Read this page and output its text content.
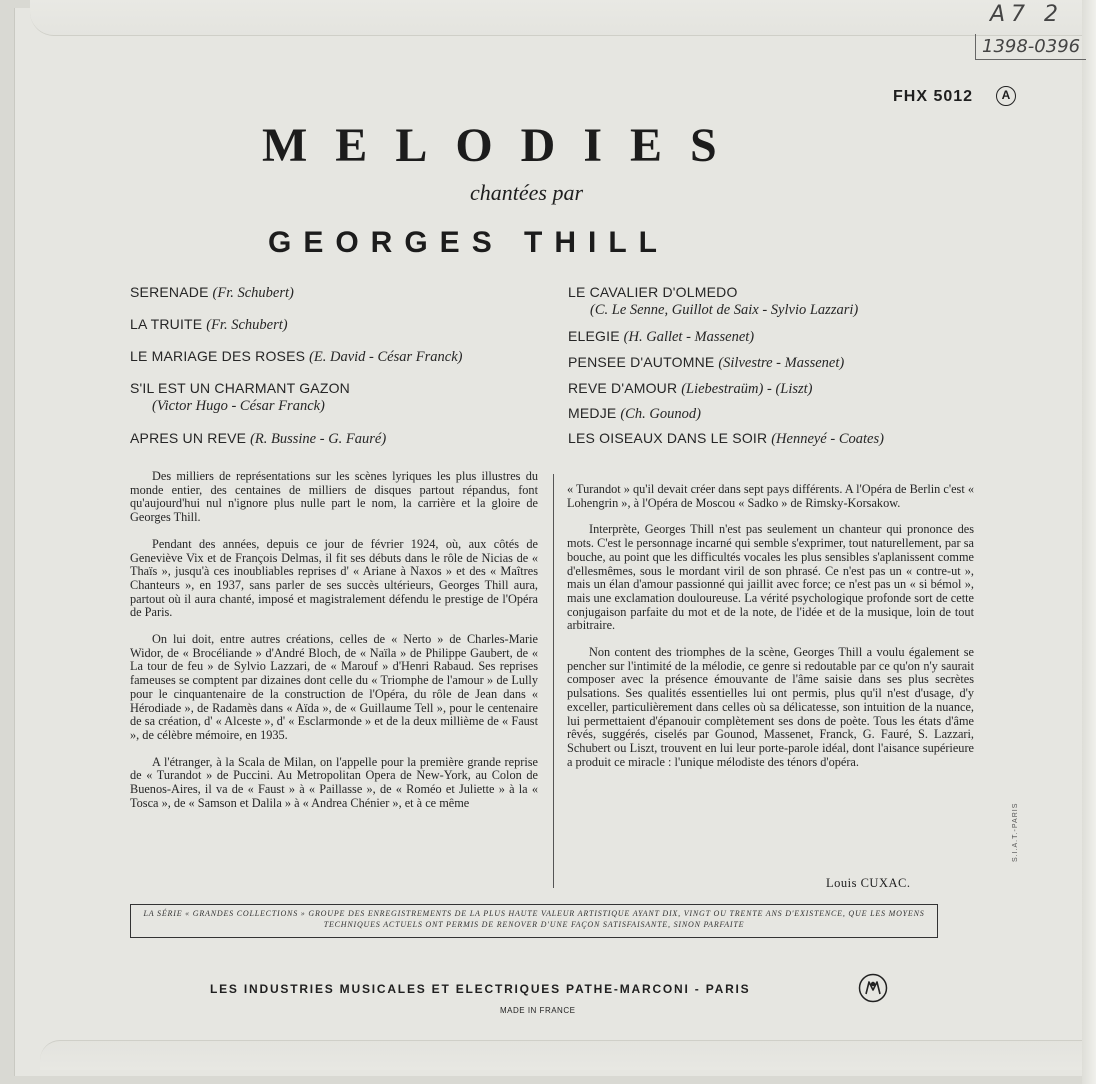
A7 2
1398-0396
FHX 5012	A
MELODIES
chantées par
GEORGES THILL
SERENADE (Fr. Schubert)
LA TRUITE (Fr. Schubert)
LE MARIAGE DES ROSES (E. David - César Franck)
S'IL EST UN CHARMANT GAZON
(Victor Hugo - César Franck)
APRES UN REVE (R. Bussine - G. Fauré)
LE CAVALIER D'OLMEDO
(C. Le Senne, Guillot de Saix - Sylvio Lazzari)
ELEGIE (H. Gallet - Massenet)
PENSEE D'AUTOMNE (Silvestre - Massenet)
REVE D'AMOUR (Liebestraüm) - (Liszt)
MEDJE (Ch. Gounod)
LES OISEAUX DANS LE SOIR (Henneyé - Coates)

Des milliers de représentations sur les scènes lyriques les plus illustres du monde entier, des centaines de milliers de disques partout répandus, font qu'aujourd'hui nul n'ignore plus nulle part le nom, la carrière et la gloire de Georges Thill.

Pendant des années, depuis ce jour de février 1924, où, aux côtés de Geneviève Vix et de François Delmas, il fit ses débuts dans le rôle de Nicias de « Thaïs », jusqu'à ces inoubliables reprises d' « Ariane à Naxos » et des « Maîtres Chanteurs », en 1937, sans parler de ses succès ultérieurs, Georges Thill aura, partout où il aura chanté, imposé et magistralement défendu le prestige de l'Opéra de Paris.

On lui doit, entre autres créations, celles de « Nerto » de Charles-Marie Widor, de « Brocéliande » d'André Bloch, de « Naïla » de Philippe Gaubert, de « La tour de feu » de Sylvio Lazzari, de « Marouf » d'Henri Rabaud. Ses reprises fameuses se comptent par dizaines dont celle du « Triomphe de l'amour » de Lully pour le cinquantenaire de la construction de l'Opéra, du rôle de Jean dans « Hérodiade », de Radamès dans « Aïda », de « Guillaume Tell », pour le centenaire de sa création, d' « Alceste », d' « Esclarmonde » et de la deux millième de « Faust », de célèbre mémoire, en 1935.

A l'étranger, à la Scala de Milan, on l'appelle pour la première grande reprise de « Turandot » de Puccini. Au Metropolitan Opera de New-York, au Colon de Buenos-Aires, il va de « Faust » à « Paillasse », de « Roméo et Juliette » à la « Tosca », de « Samson et Dalila » à « Andrea Chénier », et à ce même

« Turandot » qu'il devait créer dans sept pays différents. A l'Opéra de Berlin c'est « Lohengrin », à l'Opéra de Moscou « Sadko » de Rimsky-Korsakow.

Interprète, Georges Thill n'est pas seulement un chanteur qui prononce des mots. C'est le personnage incarné qui semble s'exprimer, tout naturellement, par sa bouche, au point que les difficultés vocales les plus sensibles s'aplanissent comme d'ellesmêmes, sous le mordant viril de son phrasé. Ce n'est pas un « contre-ut », mais un élan d'amour passionné qui jaillit avec force; ce n'est pas un « si bémol », mais une exclamation douloureuse. La vérité psychologique profonde sort de cette conjugaison parfaite du mot et de la note, de l'idée et de la musique, loin de tout arbitraire.

Non content des triomphes de la scène, Georges Thill a voulu également se pencher sur l'intimité de la mélodie, ce genre si redoutable par ce qu'on n'y saurait composer avec la présence émouvante de l'âme saisie dans ses plus secrètes pulsations. Ses qualités essentielles lui ont permis, plus qu'il n'est d'usage, d'y exceller, particulièrement dans celles où sa délicatesse, son intuition de la nuance, lui permettaient d'épanouir complètement ses dons de poète. Tous les états d'âme rêvés, suggérés, ciselés par Gounod, Massenet, Franck, G. Fauré, S. Lazzari, Schubert ou Liszt, trouvent en lui leur porte-parole idéal, dont l'aisance supérieure a produit ce miracle : l'unique mélodiste des ténors d'opéra.

Louis CUXAC.
LA SÉRIE « GRANDES COLLECTIONS » GROUPE DES ENREGISTREMENTS DE LA PLUS HAUTE VALEUR ARTISTIQUE AYANT DIX, VINGT OU TRENTE ANS D'EXISTENCE, QUE LES MOYENS TECHNIQUES ACTUELS ONT PERMIS DE RENOVER D'UNE FAÇON SATISFAISANTE, SINON PARFAITE
S.I.A.T.-PARIS
LES INDUSTRIES MUSICALES ET ELECTRIQUES PATHE-MARCONI - PARIS
MADE IN FRANCE
